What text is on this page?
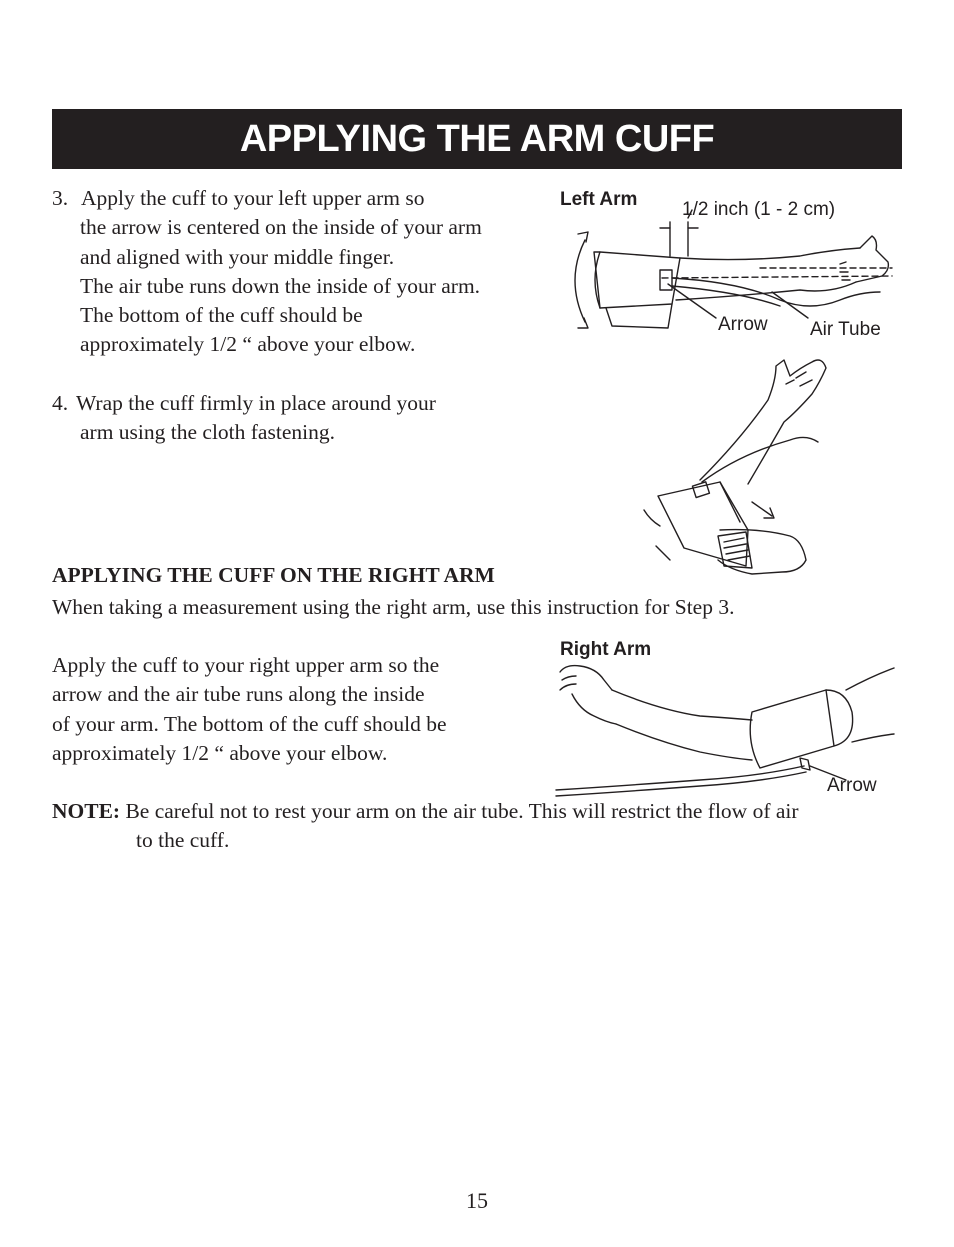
APPLYING THE ARM CUFF
3. Apply the cuff to your left upper arm so
the arrow is centered on the inside of your arm
and aligned with your middle finger.
The air tube runs down the inside of your arm.
The bottom of the cuff should be
approximately 1/2 “ above your elbow.
4. Wrap the cuff firmly in place around your
arm using the cloth fastening.
Left Arm 1/2 inch (1 - 2 cm)
Arrow Air Tube
APPLYING THE CUFF ON THE RIGHT ARM
When taking a measurement using the right arm, use this instruction for Step 3.
Apply the cuff to your right upper arm so the
arrow and the air tube runs along the inside
of your arm. The bottom of the cuff should be
approximately 1/2 “ above your elbow.
Right Arm
Arrow
NOTE: Be careful not to rest your arm on the air tube. This will restrict the flow of air
to the cuff.
15
